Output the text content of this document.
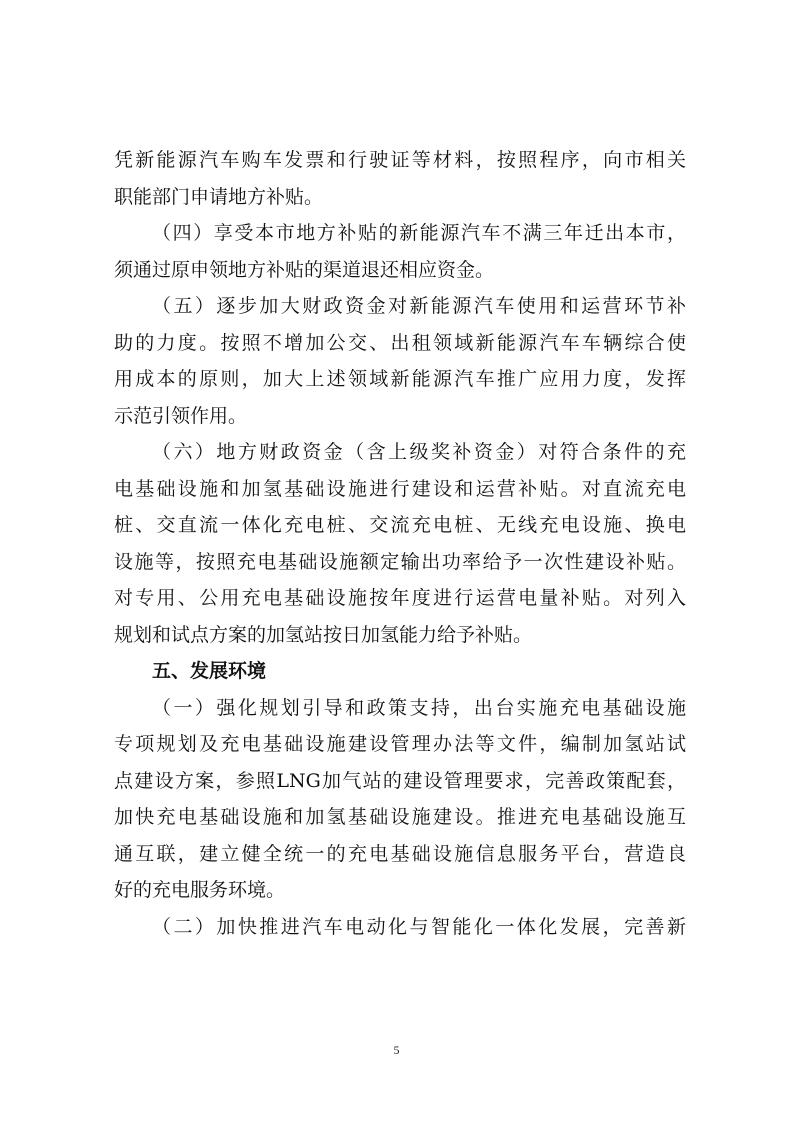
凭新能源汽车购车发票和行驶证等材料，按照程序，向市相关
职能部门申请地方补贴。
（四）享受本市地方补贴的新能源汽车不满三年迁出本市，
须通过原申领地方补贴的渠道退还相应资金。
（五）逐步加大财政资金对新能源汽车使用和运营环节补
助的力度。按照不增加公交、出租领域新能源汽车车辆综合使
用成本的原则，加大上述领域新能源汽车推广应用力度，发挥
示范引领作用。
（六）地方财政资金（含上级奖补资金）对符合条件的充
电基础设施和加氢基础设施进行建设和运营补贴。对直流充电
桩、交直流一体化充电桩、交流充电桩、无线充电设施、换电
设施等，按照充电基础设施额定输出功率给予一次性建设补贴。
对专用、公用充电基础设施按年度进行运营电量补贴。对列入
规划和试点方案的加氢站按日加氢能力给予补贴。
五、发展环境
（一）强化规划引导和政策支持，出台实施充电基础设施
专项规划及充电基础设施建设管理办法等文件，编制加氢站试
点建设方案，参照LNG加气站的建设管理要求，完善政策配套，
加快充电基础设施和加氢基础设施建设。推进充电基础设施互
通互联，建立健全统一的充电基础设施信息服务平台，营造良
好的充电服务环境。
（二）加快推进汽车电动化与智能化一体化发展，完善新
5
